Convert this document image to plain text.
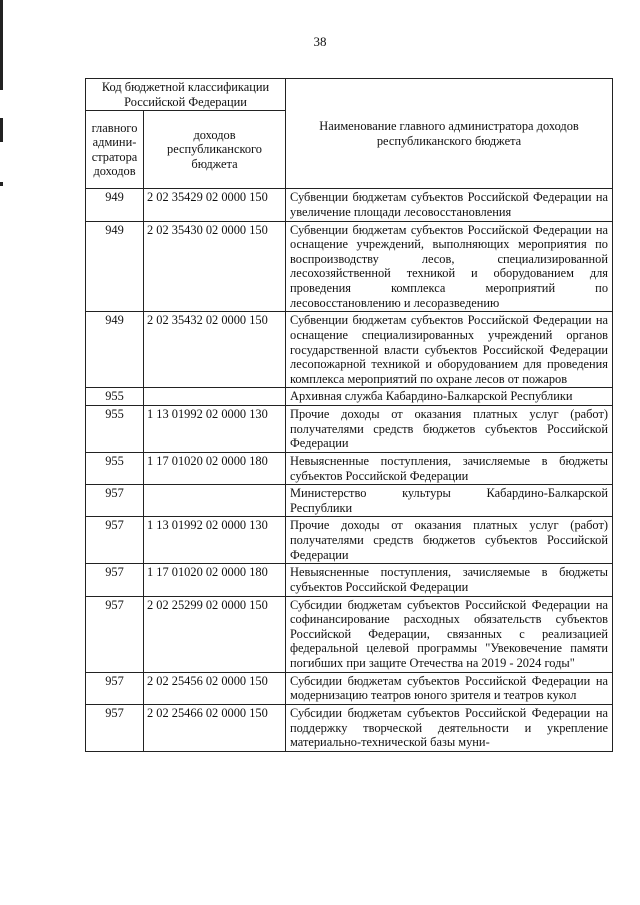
38
Код бюджетной классификации Российской Федерации		Наименование главного администратора доходов республиканского бюджета
главного админи-стратора доходов	доходов республиканского бюджета	
949	2 02 35429 02 0000 150	Субвенции бюджетам субъектов Российской Федерации на увеличение площади лесовосстановления
949	2 02 35430 02 0000 150	Субвенции бюджетам субъектов Российской Федерации на оснащение учреждений, выполняющих мероприятия по воспроизводству лесов, специализированной лесохозяйственной техникой и оборудованием для проведения комплекса мероприятий по лесовосстановлению и лесоразведению
949	2 02 35432 02 0000 150	Субвенции бюджетам субъектов Российской Федерации на оснащение специализированных учреждений органов государственной власти субъектов Российской Федерации лесопожарной техникой и оборудованием для проведения комплекса мероприятий по охране лесов от пожаров
955		Архивная служба Кабардино-Балкарской Республики
955	1 13 01992 02 0000 130	Прочие доходы от оказания платных услуг (работ) получателями средств бюджетов субъектов Российской Федерации
955	1 17 01020 02 0000 180	Невыясненные поступления, зачисляемые в бюджеты субъектов Российской Федерации
957		Министерство культуры Кабардино-Балкарской Республики
957	1 13 01992 02 0000 130	Прочие доходы от оказания платных услуг (работ) получателями средств бюджетов субъектов Российской Федерации
957	1 17 01020 02 0000 180	Невыясненные поступления, зачисляемые в бюджеты субъектов Российской Федерации
957	2 02 25299 02 0000 150	Субсидии бюджетам субъектов Российской Федерации на софинансирование расходных обязательств субъектов Российской Федерации, связанных с реализацией федеральной целевой программы "Увековечение памяти погибших при защите Отечества на 2019 - 2024 годы"
957	2 02 25456 02 0000 150	Субсидии бюджетам субъектов Российской Федерации на модернизацию театров юного зрителя и театров кукол
957	2 02 25466 02 0000 150	Субсидии бюджетам субъектов Российской Федерации на поддержку творческой деятельности и укрепление материально-технической базы муни-
